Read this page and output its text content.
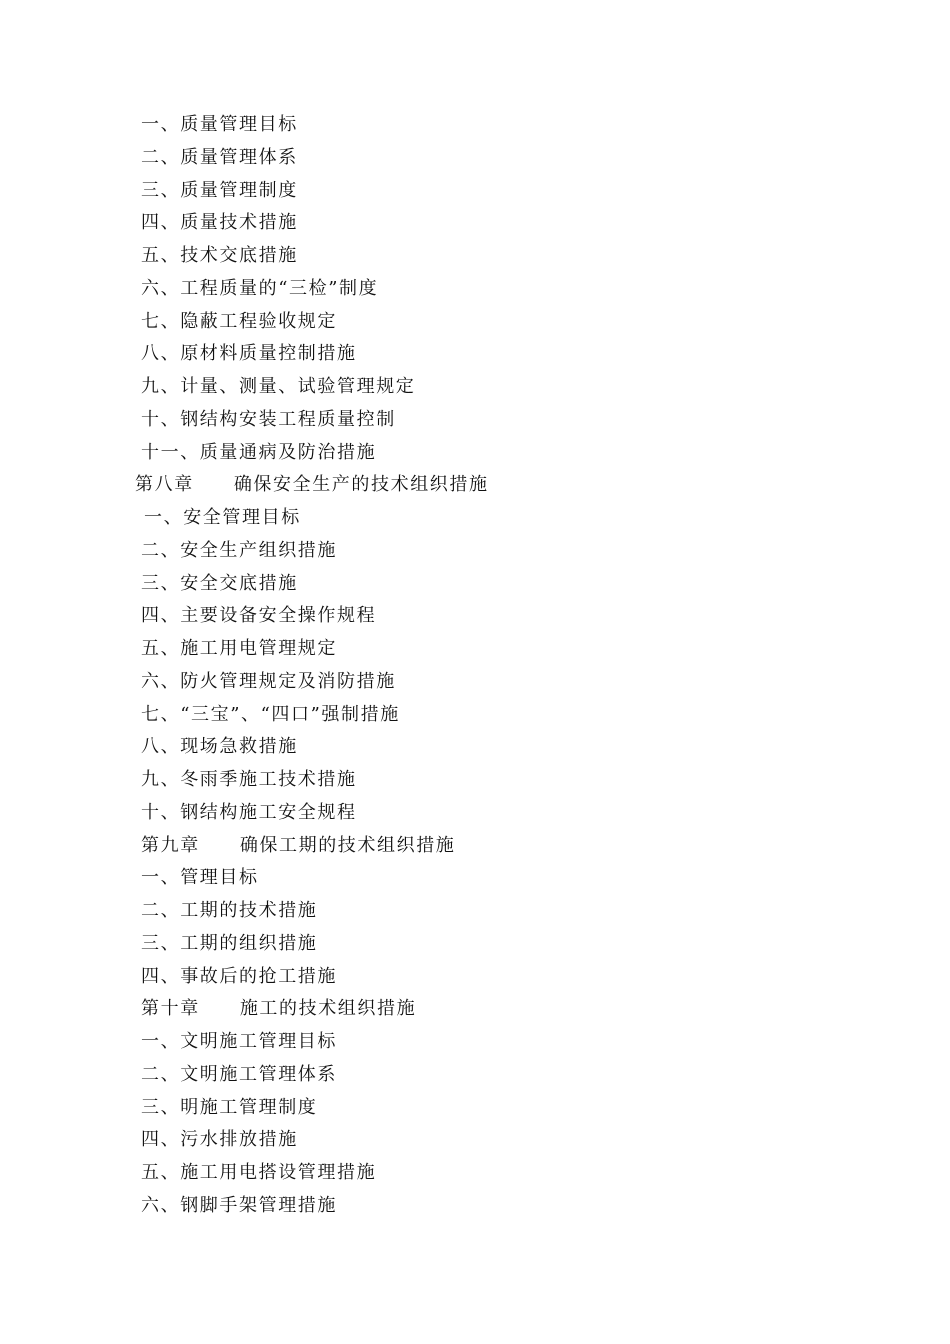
一、质量管理目标
二、质量管理体系
三、质量管理制度
四、质量技术措施
五、技术交底措施
六、工程质量的“三检”制度
七、隐蔽工程验收规定
八、原材料质量控制措施
九、计量、测量、试验管理规定
十、钢结构安装工程质量控制
十一、质量通病及防治措施
第八章 确保安全生产的技术组织措施
一、安全管理目标
二、安全生产组织措施
三、安全交底措施
四、主要设备安全操作规程
五、施工用电管理规定
六、防火管理规定及消防措施
七、“三宝”、“四口”强制措施
八、现场急救措施
九、冬雨季施工技术措施
十、钢结构施工安全规程
第九章 确保工期的技术组织措施
一、管理目标
二、工期的技术措施
三、工期的组织措施
四、事故后的抢工措施
第十章 施工的技术组织措施
一、文明施工管理目标
二、文明施工管理体系
三、明施工管理制度
四、污水排放措施
五、施工用电搭设管理措施
六、钢脚手架管理措施
